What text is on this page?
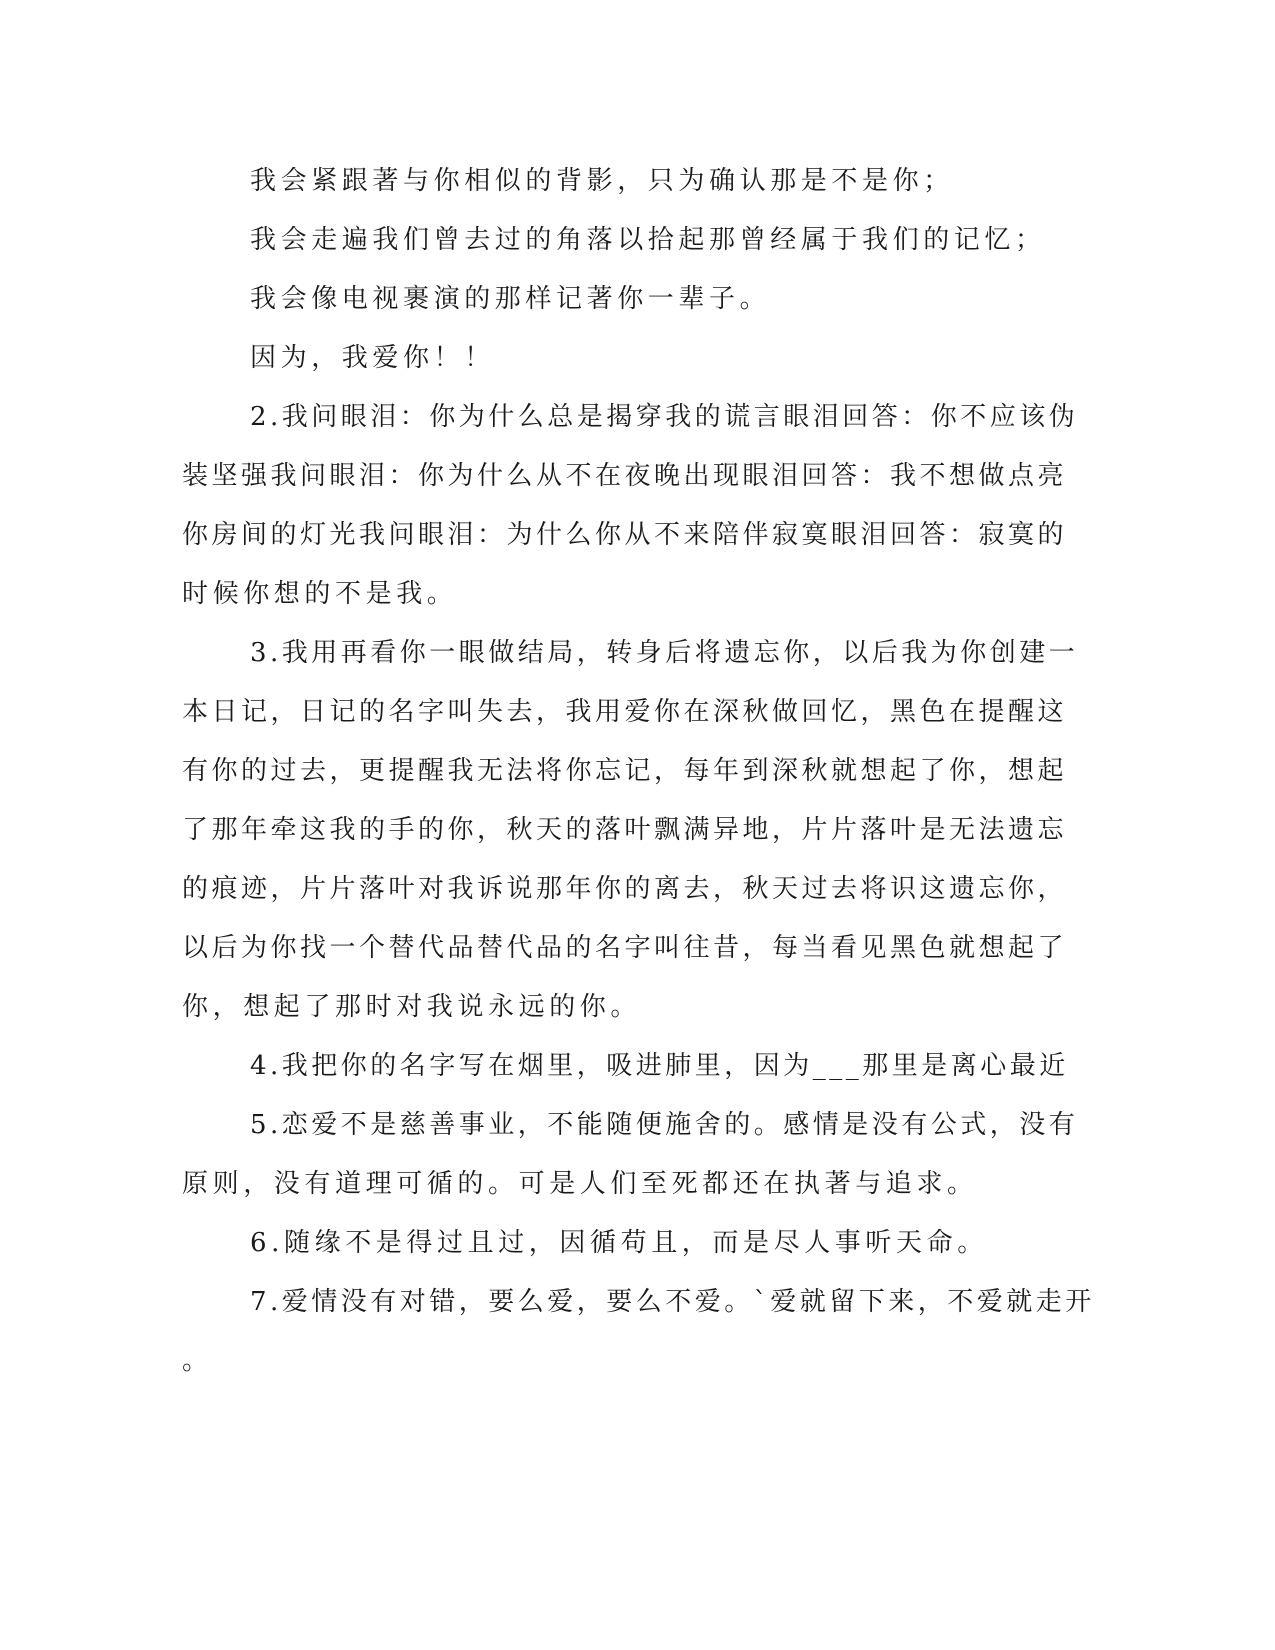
我会紧跟著与你相似的背影，只为确认那是不是你；
我会走遍我们曾去过的角落以拾起那曾经属于我们的记忆；
我会像电视裹演的那样记著你一辈子。
因为，我爱你！！
2.我问眼泪：你为什么总是揭穿我的谎言眼泪回答：你不应该伪
装坚强我问眼泪：你为什么从不在夜晚出现眼泪回答：我不想做点亮
你房间的灯光我问眼泪：为什么你从不来陪伴寂寞眼泪回答：寂寞的
时候你想的不是我。
3.我用再看你一眼做结局，转身后将遗忘你，以后我为你创建一
本日记，日记的名字叫失去，我用爱你在深秋做回忆，黑色在提醒这
有你的过去，更提醒我无法将你忘记，每年到深秋就想起了你，想起
了那年牵这我的手的你，秋天的落叶飘满异地，片片落叶是无法遗忘
的痕迹，片片落叶对我诉说那年你的离去，秋天过去将识这遗忘你，
以后为你找一个替代品替代品的名字叫往昔，每当看见黑色就想起了
你，想起了那时对我说永远的你。
4.我把你的名字写在烟里，吸进肺里，因为___那里是离心最近
5.恋爱不是慈善事业，不能随便施舍的。感情是没有公式，没有
原则，没有道理可循的。可是人们至死都还在执著与追求。
6.随缘不是得过且过，因循苟且，而是尽人事听天命。
7.爱情没有对错，要么爱，要么不爱。`爱就留下来，不爱就走开
。
